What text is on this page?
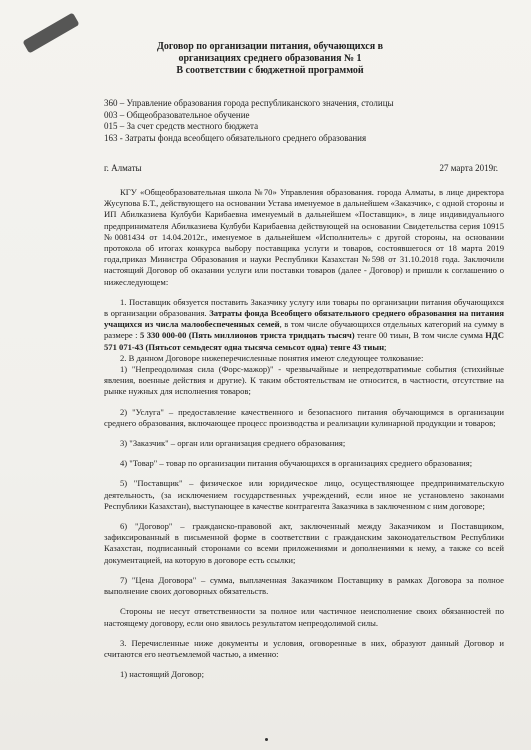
Договор по организации питания, обучающихся в
организациях среднего образования № 1
В соответствии с бюджетной программой
360 – Управление образования города республиканского значения, столицы
003 – Общеобразовательное обучение
015 – За счет средств местного бюджета
163 - Затраты фонда всеобщего обязательного среднего образования
г. Алматы	27 марта 2019г.

КГУ «Общеобразовательная школа №70» Управления образования. города Алматы, в лице директора Жусупова Б.Т., действующего на основании Устава именуемое в дальнейшем «Заказчик», с одной стороны и ИП Абилказиева Кулбуби Карибаевна именуемый в дальнейшем «Поставщик», в лице индивидуального предпринимателя Абилказиева Кулбуби Карибаевна действующей на основании Свидетельства серия 10915 №0081434 от 14.04.2012г., именуемое в дальнейшем «Исполнитель» с другой стороны, на основании протокола об итогах конкурса выбору поставщика услуги и товаров, состоявшегося от 18 марта 2019 года,приказ Министра Образования и науки Республики Казахстан №598 от 31.10.2018 года. Заключили настоящий Договор об оказании услуги или поставки товаров (далее - Договор) и пришли к соглашению о нижеследующем:

1. Поставщик обязуется поставить Заказчику услугу или товары по организации питания обучающихся в организации образования. Затраты фонда Всеобщего обязательного среднего образования на питания учащихся из числа малообеспеченных семей, в том числе обучающихся отдельных категорий на сумму в размере : 5 330 000-00 (Пять миллионов триста тридцать тысяч) тенге 00 тиын, В том числе сумма НДС 571 071-43 (Пятьсот семьдесят одна тысяча семьсот одна) тенге 43 тиын;

2. В данном Договоре нижеперечисленные понятия имеют следующее толкование:

1) "Непреодолимая сила (Форс-мажор)" - чрезвычайные и непредотвратимые события (стихийные явления, военные действия и другие). К таким обстоятельствам не относится, в частности, отсутствие на рынке нужных для исполнения товаров;

2) "Услуга" – предоставление качественного и безопасного питания обучающимся в организации среднего образования, включающее процесс производства и реализации кулинарной продукции и товаров;

3) "Заказчик" – орган или организация среднего образования;

4) "Товар" – товар по организации питания обучающихся в организациях среднего образования;

5) "Поставщик" – физическое или юридическое лицо, осуществляющее предпринимательскую деятельность, (за исключением государственных учреждений, если иное не установлено законами Республики Казахстан), выступающее в качестве контрагента Заказчика в заключенном с ним договоре;

6) "Договор" – гражданско-правовой акт, заключенный между Заказчиком и Поставщиком, зафиксированный в письменной форме в соответствии с гражданским законодательством Республики Казахстан, подписанный сторонами со всеми приложениями и дополнениями к нему, а также со всей документацией, на которую в договоре есть ссылки;

7) "Цена Договора" – сумма, выплаченная Заказчиком Поставщику в рамках Договора за полное выполнение своих договорных обязательств.

Стороны не несут ответственности за полное или частичное неисполнение своих обязанностей по настоящему договору, если оно явилось результатом непреодолимой силы.

3. Перечисленные ниже документы и условия, оговоренные в них, образуют данный Договор и считаются его неотъемлемой частью, а именно:

1) настоящий Договор;
